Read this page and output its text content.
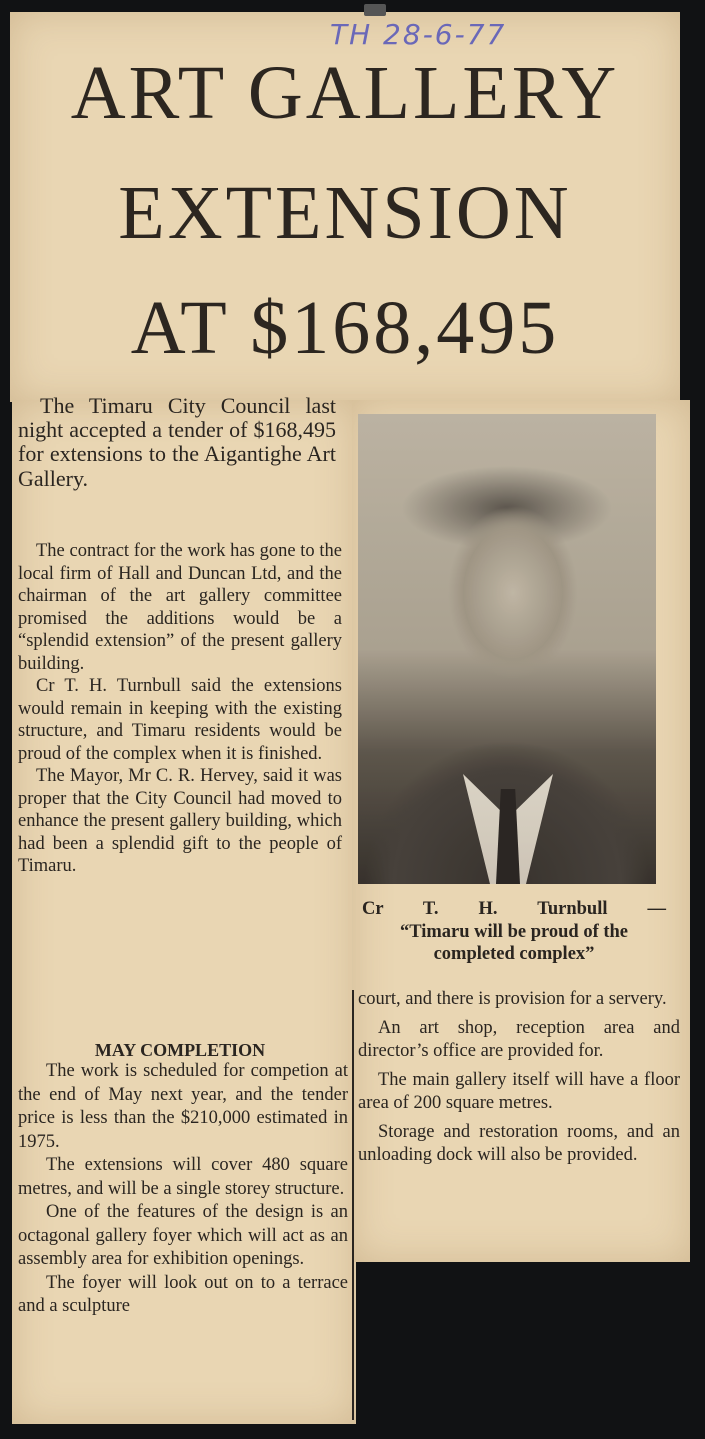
TH 28-6-77
ART GALLERY
EXTENSION
AT $168,495

The Timaru City Council last night accepted a tender of $168,495 for extensions to the Aigantighe Art Gallery.

The contract for the work has gone to the local firm of Hall and Duncan Ltd, and the chairman of the art gallery committee promised the additions would be a “splendid extension” of the present gallery building.

Cr T. H. Turnbull said the extensions would remain in keeping with the existing structure, and Timaru residents would be proud of the complex when it is finished.

The Mayor, Mr C. R. Hervey, said it was proper that the City Council had moved to enhance the present gallery building, which had been a splendid gift to the people of Timaru.

MAY COMPLETION

The work is scheduled for competion at the end of May next year, and the tender price is less than the $210,000 estimated in 1975.

The extensions will cover 480 square metres, and will be a single storey structure.

One of the features of the design is an octagonal gallery foyer which will act as an assembly area for exhibition openings.

The foyer will look out on to a terrace and a sculpture

Cr T. H. Turnbull —
“Timaru will be proud of the completed complex”

court, and there is provision for a servery.

An art shop, reception area and director’s office are provided for.

The main gallery itself will have a floor area of 200 square metres.

Storage and restoration rooms, and an unloading dock will also be provided.
